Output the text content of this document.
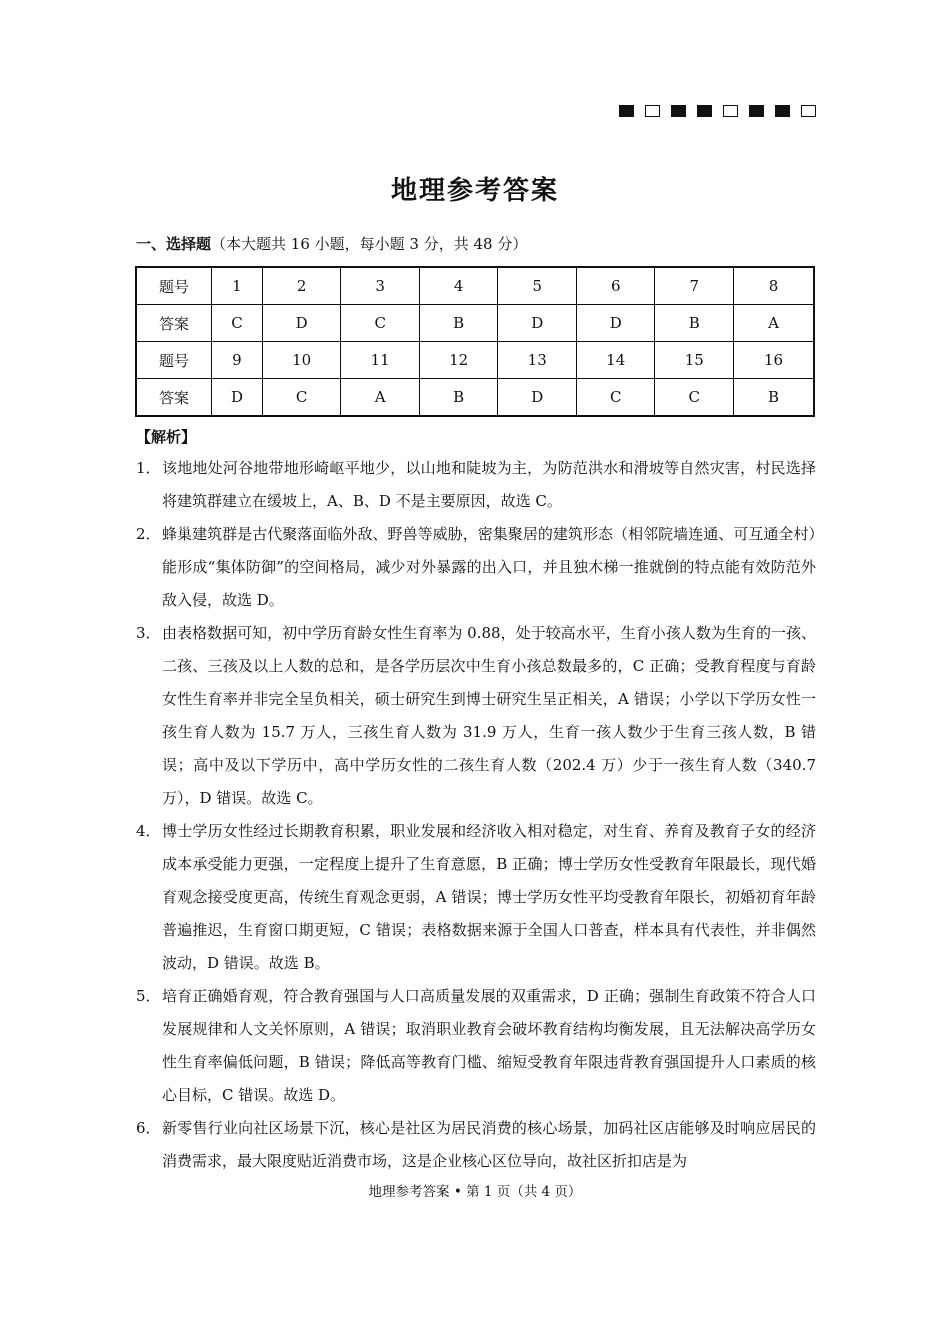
地理参考答案
一、选择题（本大题共 16 小题，每小题 3 分，共 48 分）
题号	1	2	3	4	5	6	7	8
答案	C	D	C	B	D	D	B	A
题号	9	10	11	12	13	14	15	16
答案	D	C	A	B	D	C	C	B
【解析】
1． 该地地处河谷地带地形崎岖平地少，以山地和陡坡为主，为防范洪水和滑坡等自然灾害，村民选择将建筑群建立在缓坡上，A、B、D 不是主要原因，故选 C。
2． 蜂巢建筑群是古代聚落面临外敌、野兽等威胁，密集聚居的建筑形态（相邻院墙连通、可互通全村）能形成“集体防御”的空间格局，减少对外暴露的出入口，并且独木梯一推就倒的特点能有效防范外敌入侵，故选 D。
3． 由表格数据可知，初中学历育龄女性生育率为 0.88，处于较高水平，生育小孩人数为生育的一孩、二孩、三孩及以上人数的总和，是各学历层次中生育小孩总数最多的，C 正确；受教育程度与育龄女性生育率并非完全呈负相关，硕士研究生到博士研究生呈正相关，A 错误；小学以下学历女性一孩生育人数为 15.7 万人，三孩生育人数为 31.9 万人，生育一孩人数少于生育三孩人数，B 错误；高中及以下学历中，高中学历女性的二孩生育人数（202.4 万）少于一孩生育人数（340.7 万），D 错误。故选 C。
4． 博士学历女性经过长期教育积累，职业发展和经济收入相对稳定，对生育、养育及教育子女的经济成本承受能力更强，一定程度上提升了生育意愿，B 正确；博士学历女性受教育年限最长，现代婚育观念接受度更高，传统生育观念更弱，A 错误；博士学历女性平均受教育年限长，初婚初育年龄普遍推迟，生育窗口期更短，C 错误；表格数据来源于全国人口普查，样本具有代表性，并非偶然波动，D 错误。故选 B。
5． 培育正确婚育观，符合教育强国与人口高质量发展的双重需求，D 正确；强制生育政策不符合人口发展规律和人文关怀原则，A 错误；取消职业教育会破坏教育结构均衡发展，且无法解决高学历女性生育率偏低问题，B 错误；降低高等教育门槛、缩短受教育年限违背教育强国提升人口素质的核心目标，C 错误。故选 D。
6． 新零售行业向社区场景下沉，核心是社区为居民消费的核心场景，加码社区店能够及时响应居民的消费需求，最大限度贴近消费市场，这是企业核心区位导向，故社区折扣店是为
地理参考答案 • 第 1 页（共 4 页）
